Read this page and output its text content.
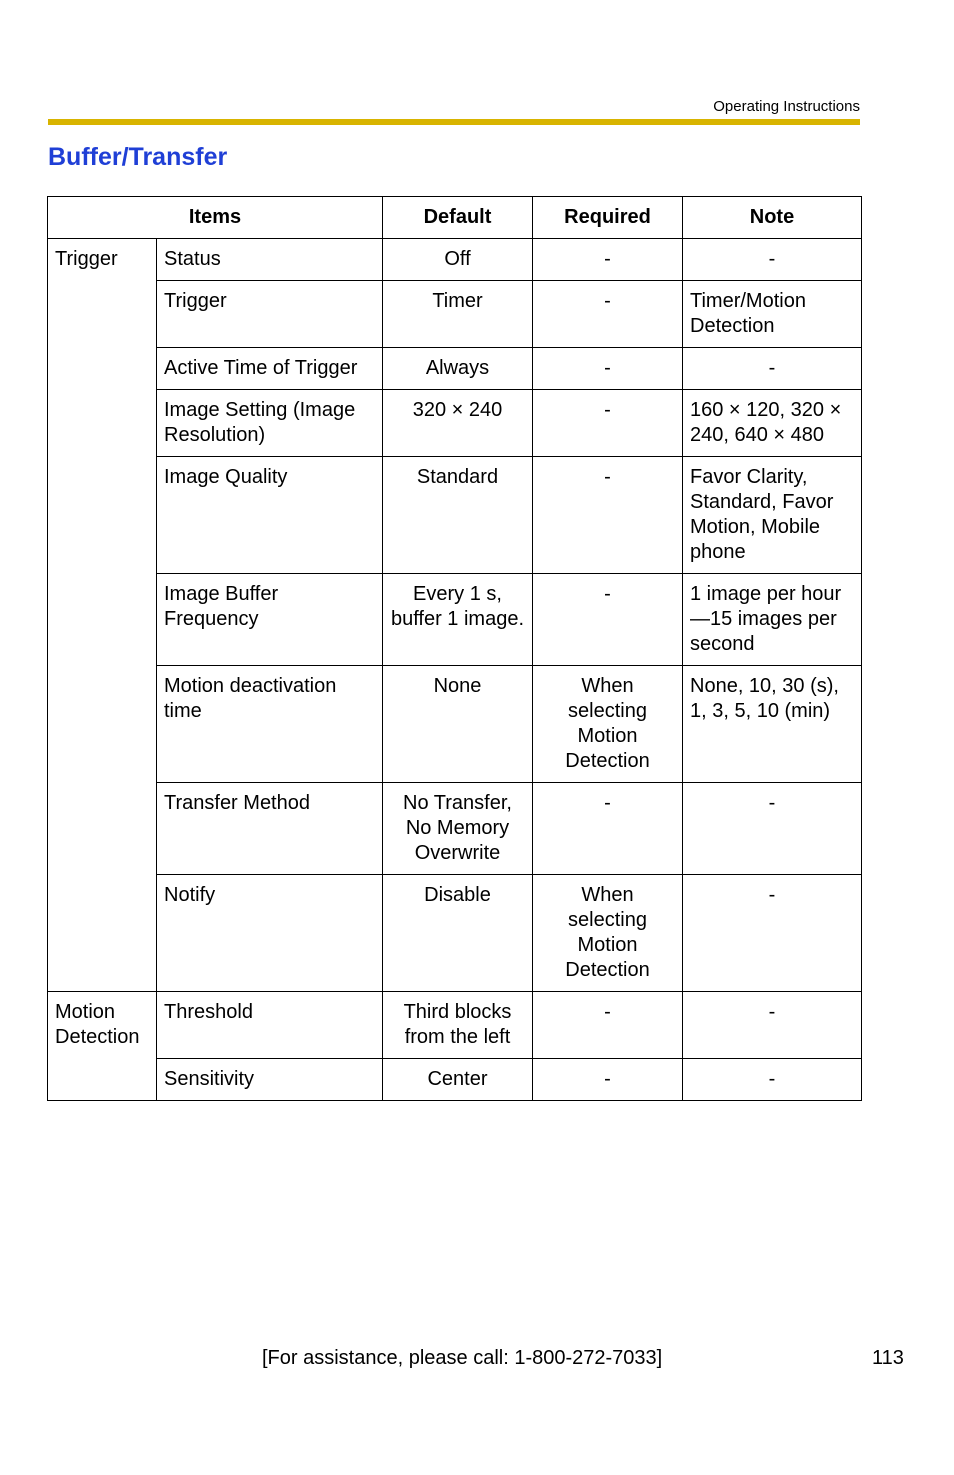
Operating Instructions
Buffer/Transfer
Items		Default	Required	Note
Trigger	Status	Off	-	-
	Trigger	Timer	-	Timer/Motion Detection
	Active Time of Trigger	Always	-	-
	Image Setting (Image Resolution)	320 × 240	-	160 × 120, 320 × 240, 640 × 480
	Image Quality	Standard	-	Favor Clarity, Standard, Favor Motion, Mobile phone
	Image Buffer Frequency	Every 1 s, buffer 1 image.	-	1 image per hour—15 images per second
	Motion deactivation time	None	When selecting Motion Detection	None, 10, 30 (s), 1, 3, 5, 10 (min)
	Transfer Method	No Transfer, No Memory Overwrite	-	-
	Notify	Disable	When selecting Motion Detection	-
Motion Detection	Threshold	Third blocks from the left	-	-
	Sensitivity	Center	-	-
[For assistance, please call: 1-800-272-7033]	113
